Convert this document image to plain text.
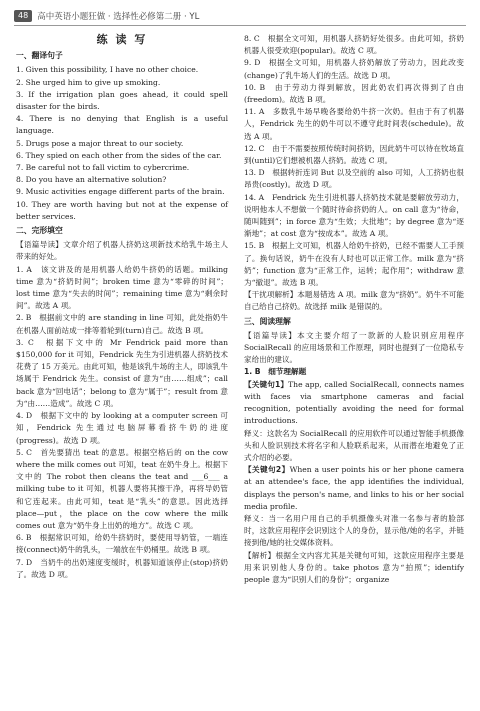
48	高中英语小题狂做 · 选择性必修第二册 · YL
练 读 写
一、翻译句子

1. Given this possibility, I have no other choice.

2. She urged him to give up smoking.

3. If the irrigation plan goes ahead, it could spell disaster for the birds.

4. There is no denying that English is a useful language.

5. Drugs pose a major threat to our society.

6. They spied on each other from the sides of the car.

7. Be careful not to fall victim to cybercrime.

8. Do you have an alternative solution?

9. Music activities engage different parts of the brain.

10. They are worth having but not at the expense of better services.

二、完形填空

【语篇导读】文章介绍了机器人挤奶这项新技术给乳牛场主人带来的好处。

1. A　该文讲及的是用机器人给奶牛挤奶的话题。milking time 意为“挤奶时间”；broken time 意为“零碎的时间”；lost time 意为“失去的时间”；remaining time 意为“剩余时间”。故选 A 项。

2. B　根据前文中的 are standing in line 可知，此处指奶牛在机器人面前站成一排等着轮到(turn)自己。故选 B 项。

3. C　根据下文中的 Mr Fendrick paid more than $150,000 for it 可知，Fendrick 先生为引进机器人挤奶技术花费了 15 万美元。由此可知，他是该乳牛场的主人，即该乳牛场属于 Fendrick 先生。consist of 意为“由……组成”；call back 意为“回电话”；belong to 意为“属于”；result from 意为“由……造成”。故选 C 项。

4. D　根据下文中的 by looking at a computer screen 可知，Fendrick 先生通过电脑屏幕看挤牛奶的进度(progress)。故选 D 项。

5. C　首先要猜出 teat 的意思。根据空格后的 on the cow where the milk comes out 可知，teat 在奶牛身上。根据下文中的 The robot then cleans the teat and ___6___ a milking tube to it 可知，机器人要将其擦干净，再将导奶管和它连起来。由此可知，teat 是“乳头”的意思。因此选择 place—put，the place on the cow where the milk comes out 意为“奶牛身上出奶的地方”。故选 C 项。

6. B　根据常识可知，给奶牛挤奶时，要使用导奶管，一端连接(connect)奶牛的乳头，一端放在牛奶桶里。故选 B 项。

7. D　当奶牛的出奶速度变缓时，机器知道该停止(stop)挤奶了。故选 D 项。

8. C　根据全文可知，用机器人挤奶好处很多。由此可知，挤奶机器人很受欢迎(popular)。故选 C 项。

9. D　根据全文可知，用机器人挤奶解放了劳动力，因此改变(change)了乳牛场人们的生活。故选 D 项。

10. B　由于劳动力得到解放，因此奶农们再次得到了自由(freedom)。故选 B 项。

11. A　多数乳牛场早晚各要给奶牛挤一次奶。但由于有了机器人，Fendrick 先生的奶牛可以不遵守此时间表(schedule)。故选 A 项。

12. C　由于不需要按照传统时间挤奶，因此奶牛可以待在牧场直到(until)它们想被机器人挤奶。故选 C 项。

13. D　根据转折连词 But 以及空前的 also 可知，人工挤奶也很昂贵(costly)。故选 D 项。

14. A　Fendrick 先生引进机器人挤奶技术就是要解放劳动力，说明他本人不想做一个随时待命挤奶的人。on call 意为“待命，随叫随到”；in force 意为“生效；大批地”；by degree 意为“逐渐地”；at cost 意为“按成本”。故选 A 项。

15. B　根据上文可知，机器人给奶牛挤奶，已经不需要人工手预了。换句话说，奶牛在没有人时也可以正常工作。milk 意为“挤奶”；function 意为“正常工作，运转；起作用”；withdraw 意为“撤退”。故选 B 项。

【干扰项解析】本题易错选 A 项。milk 意为“挤奶”。奶牛不可能自己给自己挤奶。故选择 milk 是错误的。

三、阅读理解

【语篇导读】本文主要介绍了一款新的人脸识别应用程序 SocialRecall 的应用场景和工作原理，同时也提到了一位隐私专家给出的建议。

1. B　细节理解题

【关键句1】The app, called SocialRecall, connects names with faces via smartphone cameras and facial recognition, potentially avoiding the need for formal introductions.

释义：这款名为 SocialRecall 的应用软件可以通过智能手机摄像头和人脸识别技术将名字和人脸联系起来，从而潜在地避免了正式介绍的必要。

【关键句2】When a user points his or her phone camera at an attendee's face, the app identifies the individual, displays the person's name, and links to his or her social media profile.

释义：当一名用户用自己的手机摄像头对准一名参与者的脸部时，这款应用程序会识别这个人的身份，显示他/她的名字，并链接到他/她的社交媒体资料。

【解析】根据全文内容尤其是关键句可知，这款应用程序主要是用来识别他人身份的。take photos 意为“拍照”；identify people 意为“识别人们的身份”；organize
